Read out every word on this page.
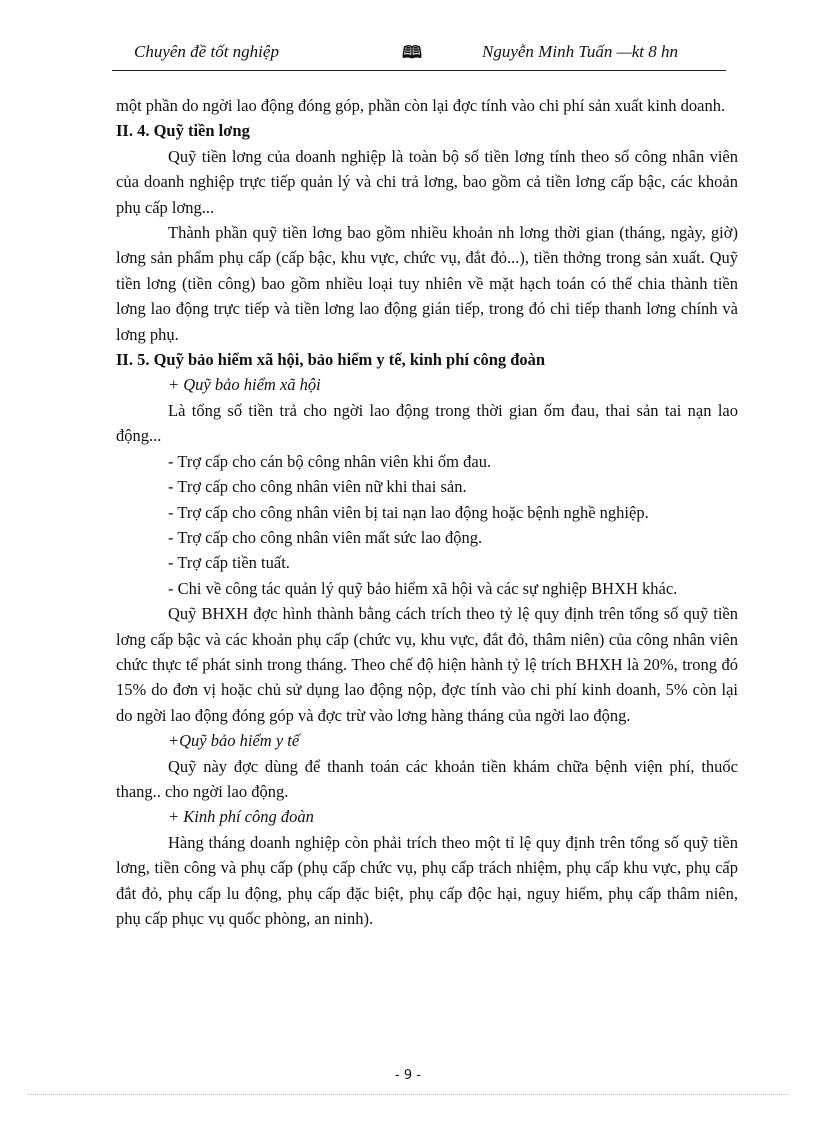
Chuyên đề tốt nghiệp	🕮	Nguyễn Minh Tuấn —kt 8 hn

một phần do ngời lao động đóng góp, phần còn lại đợc tính vào chi phí sản xuất kinh doanh.

II. 4. Quỹ tiền lơng

Quỹ tiền lơng của doanh nghiệp là toàn bộ số tiền lơng tính theo số công nhân viên của doanh nghiệp trực tiếp quản lý và chi trả lơng, bao gồm cả tiền lơng cấp bậc, các khoản phụ cấp lơng...

Thành phần quỹ tiền lơng bao gồm nhiều khoản nh lơng thời gian (tháng, ngày, giờ) lơng sản phẩm phụ cấp (cấp bậc, khu vực, chức vụ, đắt đỏ...), tiền thởng trong sản xuất. Quỹ tiền lơng (tiền công) bao gồm nhiều loại tuy nhiên về mặt hạch toán có thể chia thành tiền lơng lao động trực tiếp và tiền lơng lao động gián tiếp, trong đó chi tiếp thanh lơng chính và lơng phụ.

II. 5. Quỹ bảo hiểm xã hội, bảo hiểm y tế, kinh phí công đoàn

+ Quỹ bảo hiểm xã hội

Là tổng số tiền trả cho ngời lao động trong thời gian ốm đau, thai sản tai nạn lao động...

- Trợ cấp cho cán bộ công nhân viên khi ốm đau.

- Trợ cấp cho công nhân viên nữ khi thai sản.

- Trợ cấp cho công nhân viên bị tai nạn lao động hoặc bệnh nghề nghiệp.

- Trợ cấp cho công nhân viên mất sức lao động.

- Trợ cấp tiền tuất.

- Chi về công tác quản lý quỹ bảo hiểm xã hội và các sự nghiệp BHXH khác.

Quỹ BHXH đợc hình thành bằng cách trích theo tỷ lệ quy định trên tổng số quỹ tiền lơng cấp bậc và các khoản phụ cấp (chức vụ, khu vực, đắt đỏ, thâm niên) của công nhân viên chức thực tế phát sinh trong tháng. Theo chế độ hiện hành tỷ lệ trích BHXH là 20%, trong đó 15% do đơn vị hoặc chủ sử dụng lao động nộp, đợc tính vào chi phí kinh doanh, 5% còn lại do ngời lao động đóng góp và đợc trừ vào lơng hàng tháng của ngời lao động.

+Quỹ bảo hiểm y tế

Quỹ này đợc dùng để thanh toán các khoản tiền khám chữa bệnh viện phí, thuốc thang.. cho ngời lao động.

+ Kinh phí công đoàn

Hàng tháng doanh nghiệp còn phải trích theo một tỉ lệ quy định trên tổng số quỹ tiền lơng, tiền công và phụ cấp (phụ cấp chức vụ, phụ cấp trách nhiệm, phụ cấp khu vực, phụ cấp đắt đỏ, phụ cấp lu động, phụ cấp đặc biệt, phụ cấp độc hại, nguy hiểm, phụ cấp thâm niên, phụ cấp phục vụ quốc phòng, an ninh).

- 9 -
